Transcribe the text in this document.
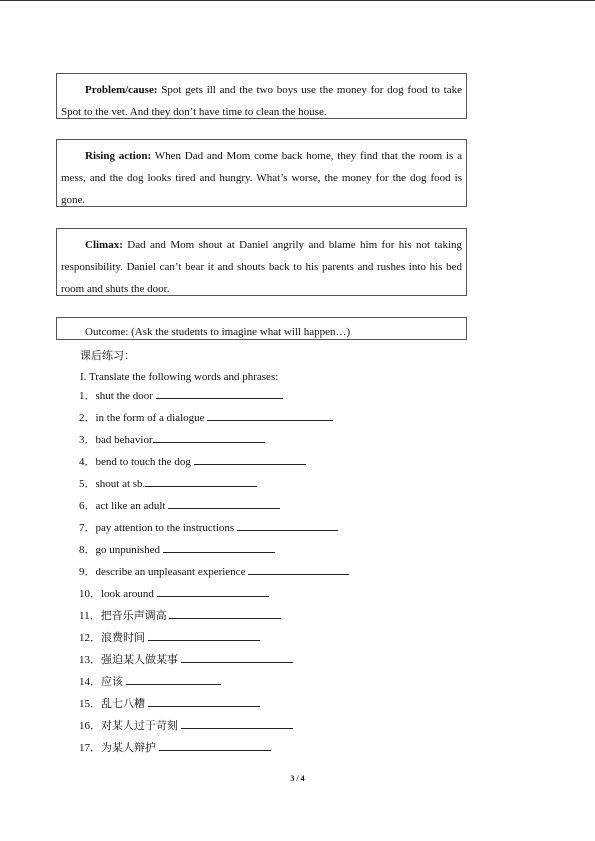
Problem/cause: Spot gets ill and the two boys use the money for dog food to take Spot to the vet. And they don’t have time to clean the house.
Rising action: When Dad and Mom come back home, they find that the room is a mess, and the dog looks tired and hungry. What’s worse, the money for the dog food is gone.
Climax: Dad and Mom shout at Daniel angrily and blame him for his not taking responsibility. Daniel can’t bear it and shouts back to his parents and rushes into his bed room and shuts the door.
Outcome: (Ask the students to imagine what will happen…)
课后练习：
I. Translate the following words and phrases:
1．shut the door
2．in the form of a dialogue
3．bad behavior
4．bend to touch the dog
5．shout at sb.
6．act like an adult
7．pay attention to the instructions
8．go unpunished
9．describe an unpleasant experience
10．look around
11．把音乐声调高
12．浪费时间
13．强迫某人做某事
14．应该
15．乱七八糟
16．对某人过于苛刻
17．为某人辩护
3 / 4
